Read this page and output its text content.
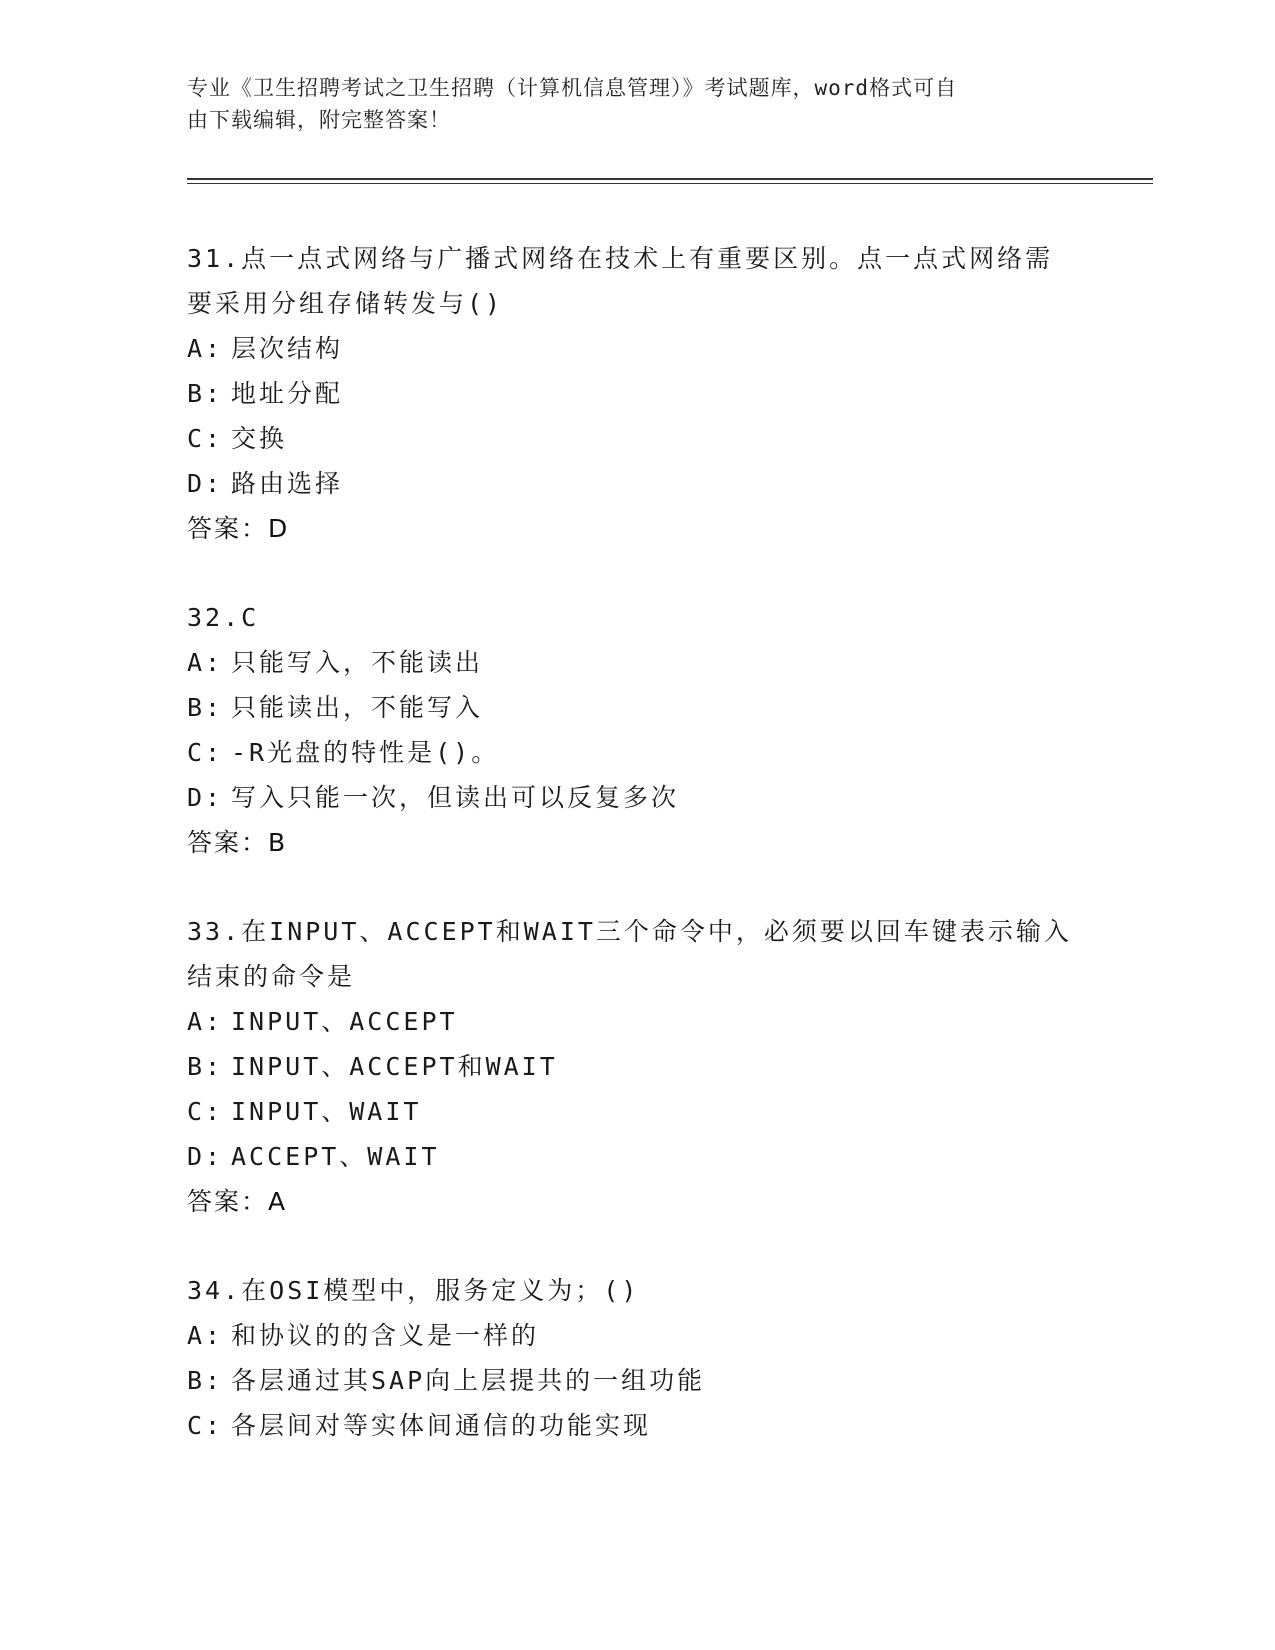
专业《卫生招聘考试之卫生招聘（计算机信息管理）》考试题库，word格式可自
由下载编辑，附完整答案！

31.点一点式网络与广播式网络在技术上有重要区别。点一点式网络需

要采用分组存储转发与()

A: 层次结构

B: 地址分配

C: 交换

D: 路由选择

答案：D

32.C

A: 只能写入，不能读出

B: 只能读出，不能写入

C: -R光盘的特性是()。

D: 写入只能一次，但读出可以反复多次

答案：B

33.在INPUT、ACCEPT和WAIT三个命令中，必须要以回车键表示输入

结束的命令是

A: INPUT、ACCEPT

B: INPUT、ACCEPT和WAIT

C: INPUT、WAIT

D: ACCEPT、WAIT

答案：A

34.在OSI模型中，服务定义为；()

A: 和协议的的含义是一样的

B: 各层通过其SAP向上层提共的一组功能

C: 各层间对等实体间通信的功能实现
